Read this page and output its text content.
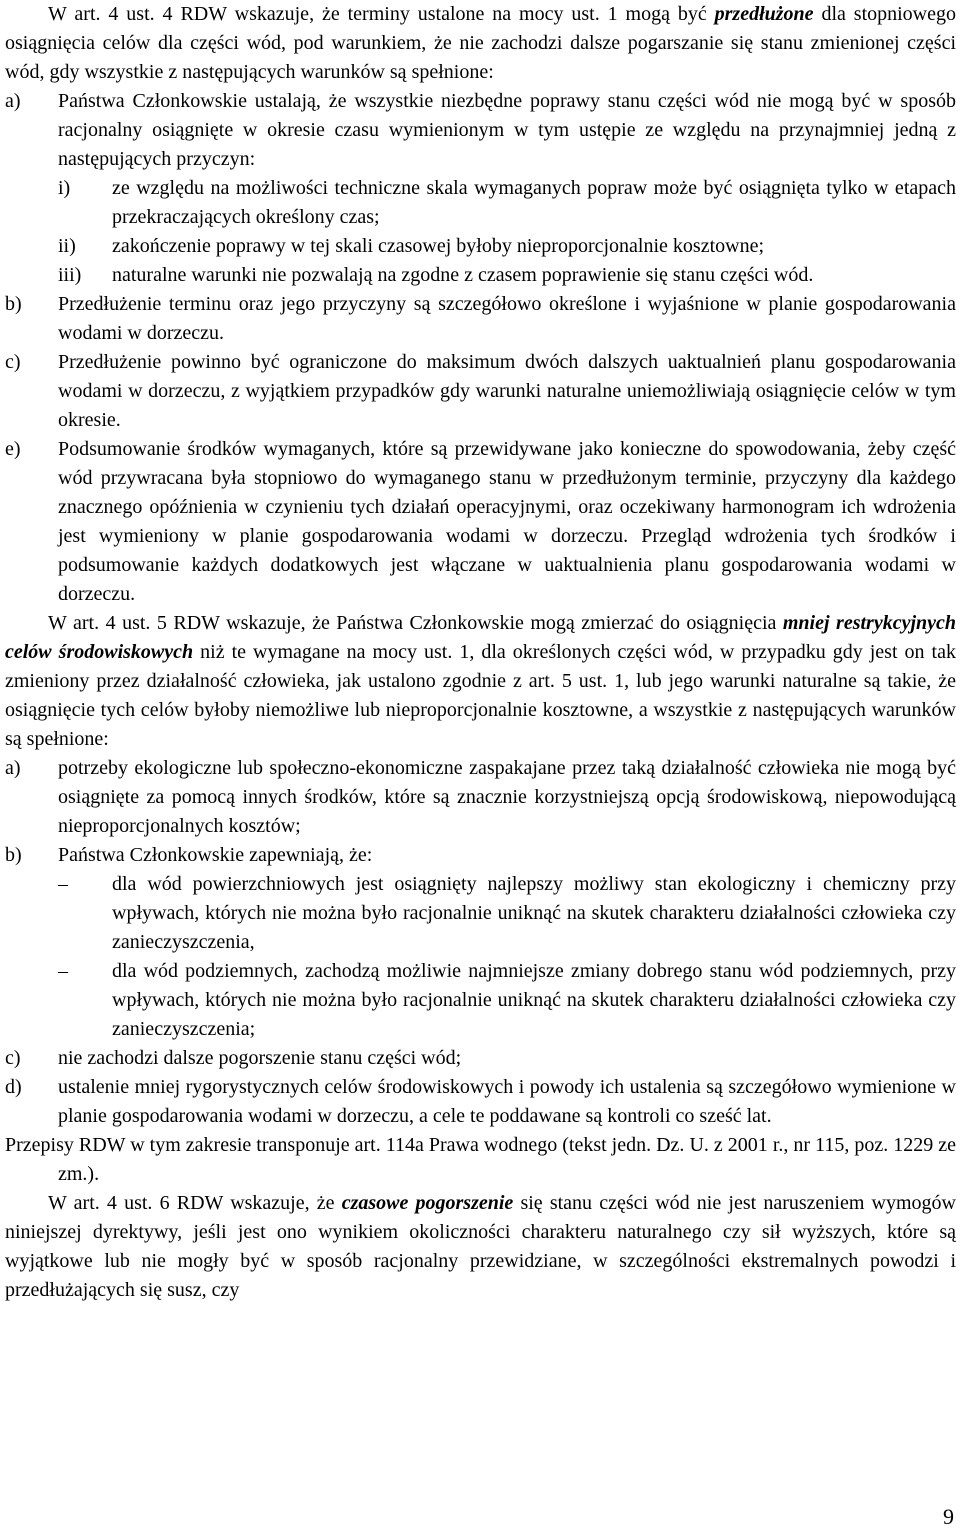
W art. 4 ust. 4 RDW wskazuje, że terminy ustalone na mocy ust. 1 mogą być przedłużone dla stopniowego osiągnięcia celów dla części wód, pod warunkiem, że nie zachodzi dalsze pogarszanie się stanu zmienionej części wód, gdy wszystkie z następujących warunków są spełnione:

a)	Państwa Członkowskie ustalają, że wszystkie niezbędne poprawy stanu części wód nie mogą być w sposób racjonalny osiągnięte w okresie czasu wymienionym w tym ustępie ze względu na przynajmniej jedną z następujących przyczyn:
i)	ze względu na możliwości techniczne skala wymaganych popraw może być osiągnięta tylko w etapach przekraczających określony czas;
ii)	zakończenie poprawy w tej skali czasowej byłoby nieproporcjonalnie kosztowne;
iii)	naturalne warunki nie pozwalają na zgodne z czasem poprawienie się stanu części wód.
b)	Przedłużenie terminu oraz jego przyczyny są szczegółowo określone i wyjaśnione w planie gospodarowania wodami w dorzeczu.
c)	Przedłużenie powinno być ograniczone do maksimum dwóch dalszych uaktualnień planu gospodarowania wodami w dorzeczu, z wyjątkiem przypadków gdy warunki naturalne uniemożliwiają osiągnięcie celów w tym okresie.
e)	Podsumowanie środków wymaganych, które są przewidywane jako konieczne do spowodowania, żeby część wód przywracana była stopniowo do wymaganego stanu w przedłużonym terminie, przyczyny dla każdego znacznego opóźnienia w czynieniu tych działań operacyjnymi, oraz oczekiwany harmonogram ich wdrożenia jest wymieniony w planie gospodarowania wodami w dorzeczu. Przegląd wdrożenia tych środków i podsumowanie każdych dodatkowych jest włączane w uaktualnienia planu gospodarowania wodami w dorzeczu.

W art. 4 ust. 5 RDW wskazuje, że Państwa Członkowskie mogą zmierzać do osiągnięcia mniej restrykcyjnych celów środowiskowych niż te wymagane na mocy ust. 1, dla określonych części wód, w przypadku gdy jest on tak zmieniony przez działalność człowieka, jak ustalono zgodnie z art. 5 ust. 1, lub jego warunki naturalne są takie, że osiągnięcie tych celów byłoby niemożliwe lub nieproporcjonalnie kosztowne, a wszystkie z następujących warunków są spełnione:

a)	potrzeby ekologiczne lub społeczno-ekonomiczne zaspakajane przez taką działalność człowieka nie mogą być osiągnięte za pomocą innych środków, które są znacznie korzystniejszą opcją środowiskową, niepowodującą nieproporcjonalnych kosztów;
b)	Państwa Członkowskie zapewniają, że:
–	dla wód powierzchniowych jest osiągnięty najlepszy możliwy stan ekologiczny i chemiczny przy wpływach, których nie można było racjonalnie uniknąć na skutek charakteru działalności człowieka czy zanieczyszczenia,
–	dla wód podziemnych, zachodzą możliwie najmniejsze zmiany dobrego stanu wód podziemnych, przy wpływach, których nie można było racjonalnie uniknąć na skutek charakteru działalności człowieka czy zanieczyszczenia;
c)	nie zachodzi dalsze pogorszenie stanu części wód;
d)	ustalenie mniej rygorystycznych celów środowiskowych i powody ich ustalenia są szczegółowo wymienione w planie gospodarowania wodami w dorzeczu, a cele te poddawane są kontroli co sześć lat.
Przepisy RDW w tym zakresie transponuje art. 114a Prawa wodnego (tekst jedn. Dz. U. z 2001 r., nr 115, poz. 1229 ze zm.).

W art. 4 ust. 6 RDW wskazuje, że czasowe pogorszenie się stanu części wód nie jest naruszeniem wymogów niniejszej dyrektywy, jeśli jest ono wynikiem okoliczności charakteru naturalnego czy sił wyższych, które są wyjątkowe lub nie mogły być w sposób racjonalny przewidziane, w szczególności ekstremalnych powodzi i przedłużających się susz, czy

9
